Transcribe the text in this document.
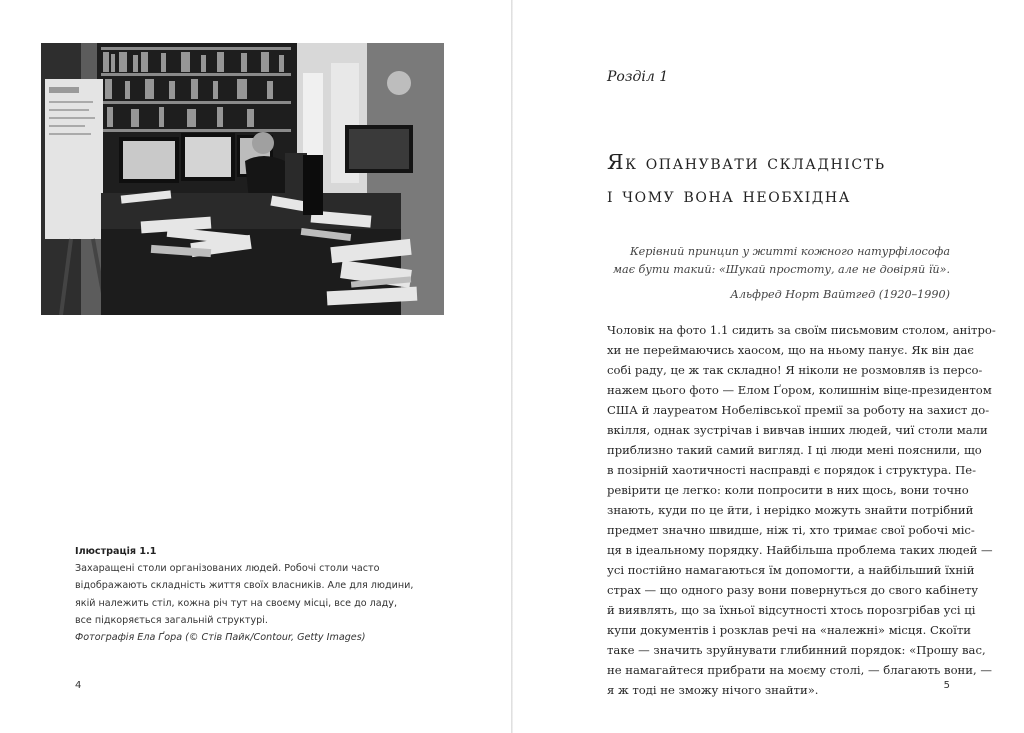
Ілюстрація 1.1
Захаращені столи організованих людей. Робочі столи часто
відображають складність життя своїх власників. Але для людини,
якій належить стіл, кожна річ тут на своєму місці, все до ладу,
все підкоряється загальній структурі.
Фотографія Ела Ґора (© Стів Пайк/Contour, Getty Images)
4
Розділ 1
Як опанувати складність
і чому вона необхідна
Керівний принцип у житті кожного натурфілософа
має бути такий: «Шукай простоту, але не довіряй їй».
Альфред Норт Вайтгед (1920–1990)
Чоловік на фото 1.1 сидить за своїм письмовим столом, анітро-
хи не переймаючись хаосом, що на ньому панує. Як він дає
собі раду, це ж так складно! Я ніколи не розмовляв із персо-
нажем цього фото — Елом Ґором, колишнім віце-президентом
США й лауреатом Нобелівської премії за роботу на захист до-
вкілля, однак зустрічав і вивчав інших людей, чиї столи мали
приблизно такий самий вигляд. І ці люди мені пояснили, що
в позірній хаотичності насправді є порядок і структура. Пе-
ревірити це легко: коли попросити в них щось, вони точно
знають, куди по це йти, і нерідко можуть знайти потрібний
предмет значно швидше, ніж ті, хто тримає свої робочі міс-
ця в ідеальному порядку. Найбільша проблема таких людей —
усі постійно намагаються їм допомогти, а найбільший їхній
страх — що одного разу вони повернуться до свого кабінету
й виявлять, що за їхньої відсутності хтось порозгрібав усі ці
купи документів і розклав речі на «належні» місця. Скоїти
таке — значить зруйнувати глибинний порядок: «Прошу вас,
не намагайтеся прибрати на моєму столі, — благають вони, —
я ж тоді не зможу нічого знайти».	5
